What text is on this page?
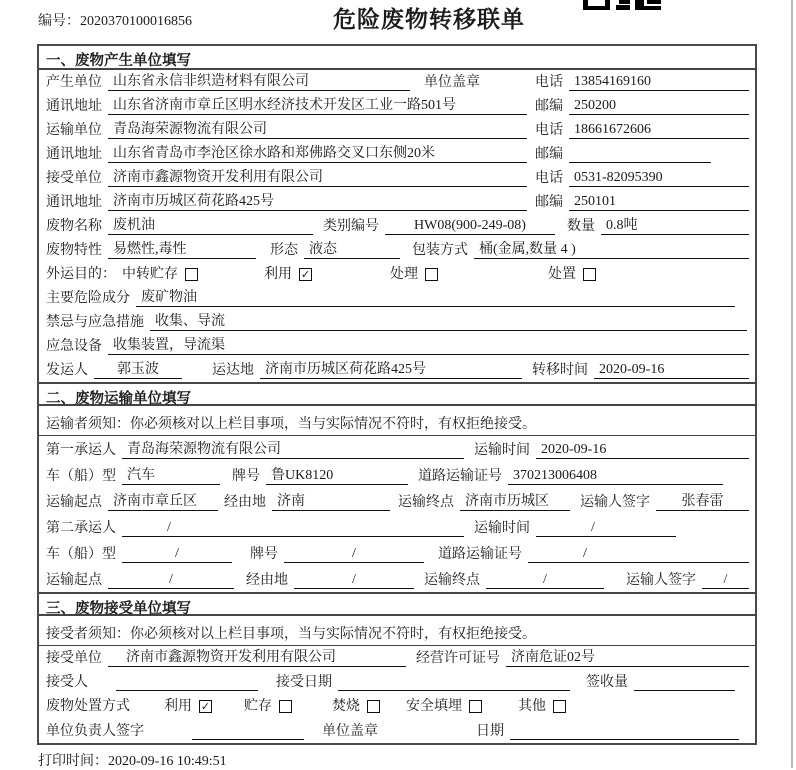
编号：2020370100016856	危险废物转移联单
一、废物产生单位填写
产生单位 山东省永信非织造材料有限公司	单位盖章	电话 13854169160
通讯地址 山东省济南市章丘区明水经济技术开发区工业一路501号	邮编 250200
运输单位 青岛海荣源物流有限公司	电话 18661672606
通讯地址 山东省青岛市李沧区徐水路和郑佛路交叉口东侧20米	邮编
接受单位 济南市鑫源物资开发利用有限公司	电话 0531-82095390
通讯地址 济南市历城区荷花路425号	邮编 250101
废物名称 废机油	类别编号	HW08(900-249-08)	数量 0.8吨
废物特性 易燃性,毒性	形态 液态	包装方式 桶(金属,数量 4 )
外运目的： 中转贮存	利用 ✓	处理	处置
主要危险成分 废矿物油
禁忌与应急措施 收集、导流
应急设备 收集装置，导流渠
发运人	郭玉波	运达地 济南市历城区荷花路425号	转移时间 2020-09-16
二、废物运输单位填写
运输者须知：你必须核对以上栏目事项，当与实际情况不符时，有权拒绝接受。
第一承运人 青岛海荣源物流有限公司	运输时间 2020-09-16
车（船）型 汽车	牌号 鲁UK8120	道路运输证号 370213006408
运输起点 济南市章丘区	经由地 济南	运输终点 济南市历城区	运输人签字	张春雷
第二承运人	/	运输时间	/
车（船）型	/	牌号	/	道路运输证号	/
运输起点	/	经由地	/	运输终点	/	运输人签字	/
三、废物接受单位填写
接受者须知：你必须核对以上栏目事项，当与实际情况不符时，有权拒绝接受。
接受单位	济南市鑫源物资开发利用有限公司	经营许可证号 济南危证02号
接受人	接受日期	签收量
废物处置方式 利用 ✓ 贮存	焚烧	安全填埋	其他
单位负责人签字	单位盖章	日期
打印时间：2020-09-16 10:49:51
